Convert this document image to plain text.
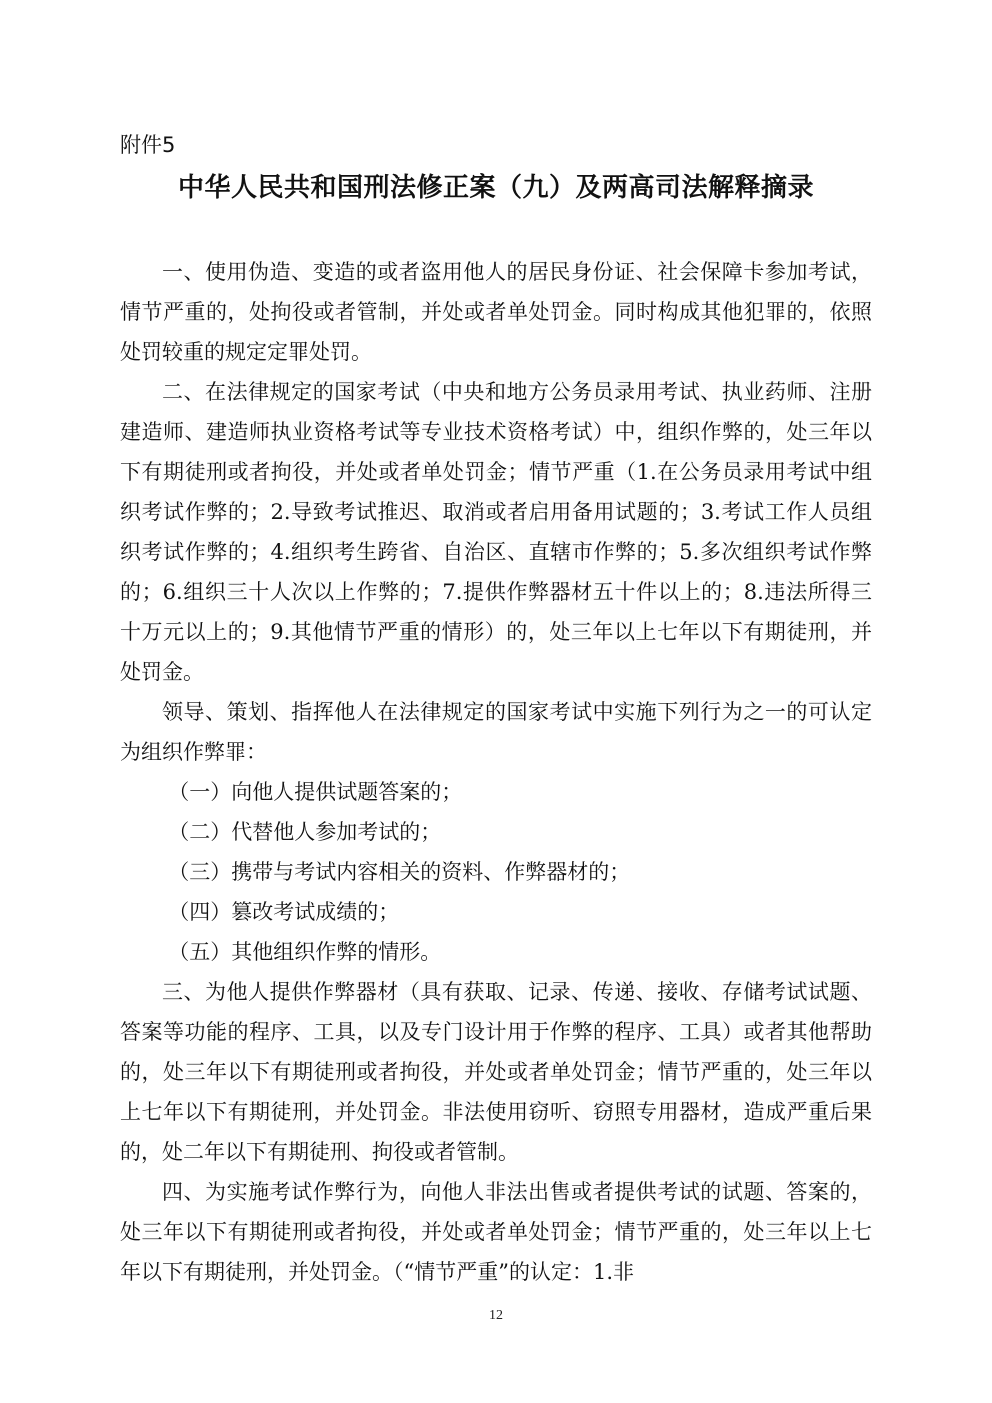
附件5
中华人民共和国刑法修正案（九）及两高司法解释摘录

一、使用伪造、变造的或者盗用他人的居民身份证、社会保障卡参加考试，情节严重的，处拘役或者管制，并处或者单处罚金。同时构成其他犯罪的，依照处罚较重的规定定罪处罚。

二、在法律规定的国家考试（中央和地方公务员录用考试、执业药师、注册建造师、建造师执业资格考试等专业技术资格考试）中，组织作弊的，处三年以下有期徒刑或者拘役，并处或者单处罚金；情节严重（1.在公务员录用考试中组织考试作弊的；2.导致考试推迟、取消或者启用备用试题的；3.考试工作人员组织考试作弊的；4.组织考生跨省、自治区、直辖市作弊的；5.多次组织考试作弊的；6.组织三十人次以上作弊的；7.提供作弊器材五十件以上的；8.违法所得三十万元以上的；9.其他情节严重的情形）的，处三年以上七年以下有期徒刑，并处罚金。

领导、策划、指挥他人在法律规定的国家考试中实施下列行为之一的可认定为组织作弊罪：

（一）向他人提供试题答案的；

（二）代替他人参加考试的；

（三）携带与考试内容相关的资料、作弊器材的；

（四）篡改考试成绩的；

（五）其他组织作弊的情形。

三、为他人提供作弊器材（具有获取、记录、传递、接收、存储考试试题、答案等功能的程序、工具，以及专门设计用于作弊的程序、工具）或者其他帮助的，处三年以下有期徒刑或者拘役，并处或者单处罚金；情节严重的，处三年以上七年以下有期徒刑，并处罚金。非法使用窃听、窃照专用器材，造成严重后果的，处二年以下有期徒刑、拘役或者管制。

四、为实施考试作弊行为，向他人非法出售或者提供考试的试题、答案的，处三年以下有期徒刑或者拘役，并处或者单处罚金；情节严重的，处三年以上七年以下有期徒刑，并处罚金。（“情节严重”的认定：1.非

12
